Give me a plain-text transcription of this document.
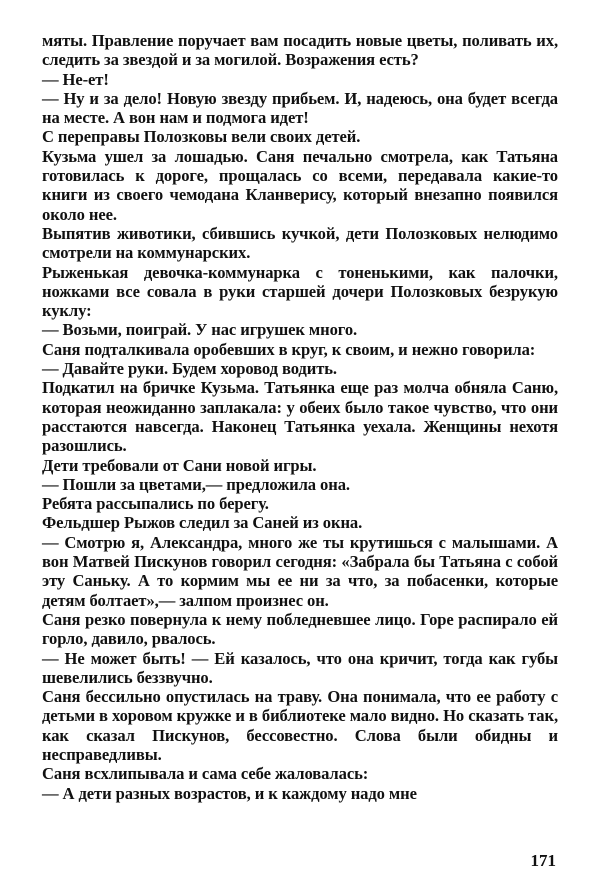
мяты. Правление поручает вам посадить новые цветы, поливать их, следить за звездой и за могилой. Возражения есть?

— Не-ет!

— Ну и за дело! Новую звезду прибьем. И, надеюсь, она будет всегда на месте. А вон нам и подмога идет!

С переправы Полозковы вели своих детей.

Кузьма ушел за лошадью. Саня печально смотрела, как Татьяна готовилась к дороге, прощалась со всеми, передавала какие-то книги из своего чемодана Кланверису, который внезапно появился около нее.

Выпятив животики, сбившись кучкой, дети Полозковых нелюдимо смотрели на коммунарских.

Рыженькая девочка-коммунарка с тоненькими, как палочки, ножками все совала в руки старшей дочери Полозковых безрукую куклу:

— Возьми, поиграй. У нас игрушек много.

Саня подталкивала оробевших в круг, к своим, и нежно говорила:

— Давайте руки. Будем хоровод водить.

Подкатил на бричке Кузьма. Татьянка еще раз молча обняла Саню, которая неожиданно заплакала: у обеих было такое чувство, что они расстаются навсегда. Наконец Татьянка уехала. Женщины нехотя разошлись.

Дети требовали от Сани новой игры.

— Пошли за цветами,— предложила она.

Ребята рассыпались по берегу.

Фельдшер Рыжов следил за Саней из окна.

— Смотрю я, Александра, много же ты крутишься с малышами. А вон Матвей Пискунов говорил сегодня: «Забрала бы Татьяна с собой эту Саньку. А то кормим мы ее ни за что, за побасенки, которые детям болтает»,— залпом произнес он.

Саня резко повернула к нему побледневшее лицо. Горе распирало ей горло, давило, рвалось.

— Не может быть! — Ей казалось, что она кричит, тогда как губы шевелились беззвучно.

Саня бессильно опустилась на траву. Она понимала, что ее работу с детьми в хоровом кружке и в библиотеке мало видно. Но сказать так, как сказал Пискунов, бессовестно. Слова были обидны и несправедливы.

Саня всхлипывала и сама себе жаловалась:

— А дети разных возрастов, и к каждому надо мне

171
